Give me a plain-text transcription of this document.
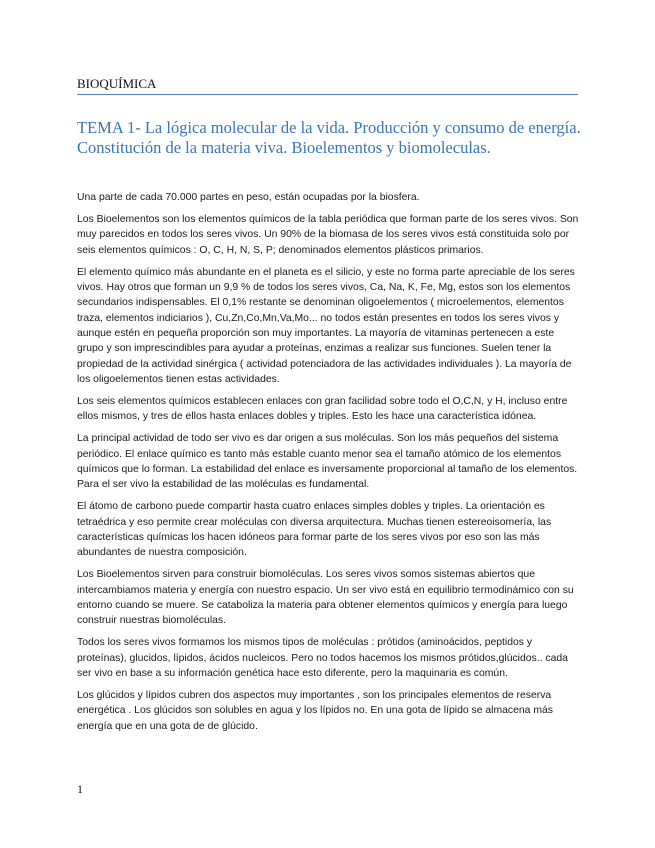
BIOQUÍMICA
TEMA 1- La lógica molecular de la vida. Producción y consumo de energía. Constitución de la materia viva. Bioelementos y biomoleculas.

Una parte de cada 70.000 partes en peso, están ocupadas por la biosfera.

Los Bioelementos son los elementos químicos de la tabla periódica que forman parte de los seres vivos. Son muy parecidos en todos los seres vivos. Un 90% de la biomasa de los seres vivos está constituida solo por seis elementos químicos : O, C, H, N, S, P; denominados elementos plásticos primarios.

El elemento químico más abundante en el planeta es el silicio, y este no forma parte apreciable de los seres vivos. Hay otros que forman un 9,9 % de todos los seres vivos, Ca, Na, K, Fe, Mg, estos son los elementos secundarios indispensables. El 0,1% restante se denominan oligoelementos ( microelementos, elementos traza, elementos indiciarios ), Cu,Zn,Co,Mn,Va,Mo... no todos están presentes en todos los seres vivos y aunque estén en pequeña proporción son muy importantes. La mayoría de vitaminas pertenecen a este grupo y son imprescindibles para ayudar a proteínas, enzimas a realizar sus funciones. Suelen tener la propiedad de la actividad sinérgica ( actividad potenciadora de las actividades individuales ). La mayoría de los oligoelementos tienen estas actividades.

Los seis elementos químicos establecen enlaces con gran facilidad sobre todo el O,C,N, y H, incluso entre ellos mismos, y tres de ellos hasta enlaces dobles y triples. Esto les hace una característica idónea.

La principal actividad de todo ser vivo es dar origen a sus moléculas. Son los más pequeños del sistema periódico. El enlace químico es tanto más estable cuanto menor sea el tamaño atómico de los elementos químicos que lo forman. La estabilidad del enlace es inversamente proporcional al tamaño de los elementos. Para el ser vivo la estabilidad de las moléculas es fundamental.

El átomo de carbono puede compartir hasta cuatro enlaces simples dobles y triples. La orientación es tetraédrica y eso permite crear moléculas con diversa arquitectura. Muchas tienen estereoisomería, las características químicas los hacen idóneos para formar parte de los seres vivos por eso son las más abundantes de nuestra composición.

Los Bioelementos sirven para construir biomoléculas. Los seres vivos somos sistemas abiertos que intercambiamos materia y energía con nuestro espacio. Un ser vivo está en equilibrio termodinámico con su entorno cuando se muere. Se cataboliza la materia para obtener elementos químicos y energía para luego construir nuestras biomoléculas.

Todos los seres vivos formamos los mismos tipos de moléculas : prótidos (aminoácidos, peptidos y proteínas), glucidos, lípidos, ácidos nucleicos. Pero no todos hacemos los mismos prótidos,glúcidos.. cada ser vivo en base a su información genética hace esto diferente, pero la maquinaria es común.

Los glúcidos y lípidos cubren dos aspectos muy importantes , son los principales elementos de reserva energética . Los glúcidos son solubles en agua y los lípidos no. En una gota de lípido se almacena más energía que en una gota de de glúcido.

1
